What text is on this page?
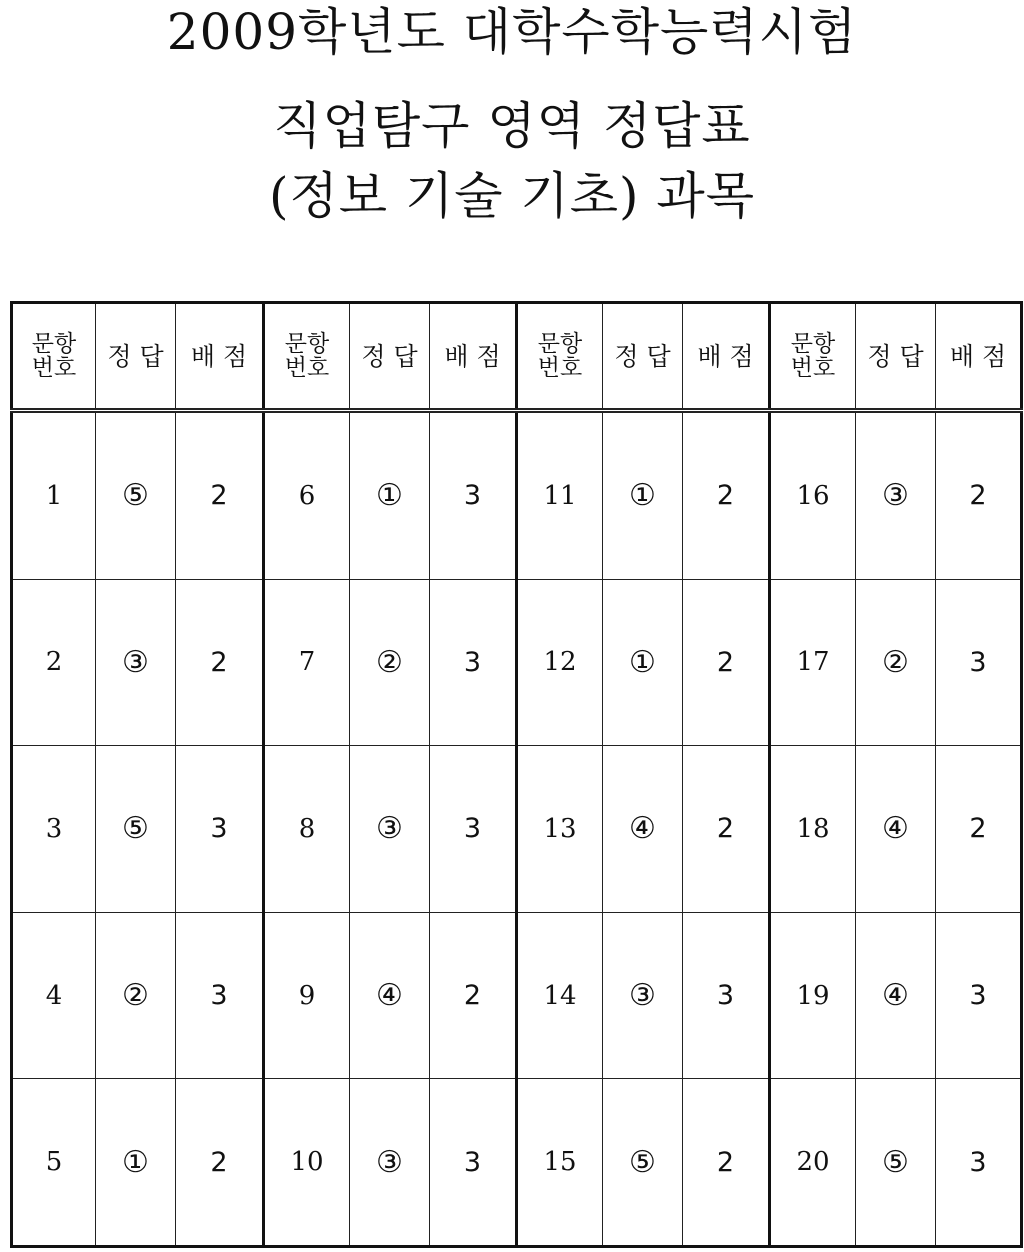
2009학년도 대학수학능력시험
직업탐구 영역 정답표
(정보 기술 기초) 과목
문항
번호	정 답	배 점	문항
번호	정 답	배 점	문항
번호	정 답	배 점	문항
번호	정 답	배 점
1	⑤	2	6	①	3	11	①	2	16	③	2
2	③	2	7	②	3	12	①	2	17	②	3
3	⑤	3	8	③	3	13	④	2	18	④	2
4	②	3	9	④	2	14	③	3	19	④	3
5	①	2	10	③	3	15	⑤	2	20	⑤	3
